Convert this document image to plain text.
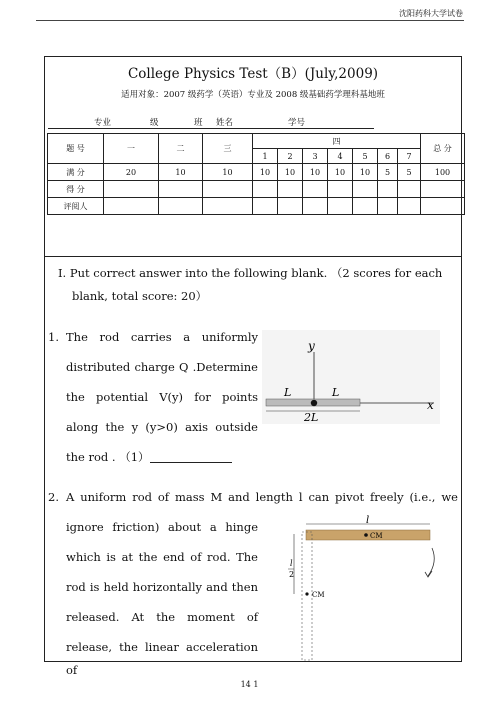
沈阳药科大学试卷
College Physics Test（B）(July,2009)
适用对象：2007 级药学（英语）专业及 2008 级基础药学理科基地班
专业	级	班 姓名	学号
题 号	一	二	三	四							总 分
				1	2	3	4	5	6	7	
满 分	20	10	10	10	10	10	10	10	5	5	100
得 分											
评阅人											
I. Put correct answer into the following blank. （2 scores for each
blank, total score: 20）
1. The rod carries a uniformly
distributed charge Q .Determine
the potential V(y) for points
along the y (y>0) axis outside
the rod . （1）
y
x
L	L
2L
2. A uniform rod of mass M and length l can pivot freely (i.e., we
ignore friction) about a hinge
which is at the end of rod. The
rod is held horizontally and then
released. At the moment of
release, the linear acceleration of
l
CM
l
2
CM
14 1
